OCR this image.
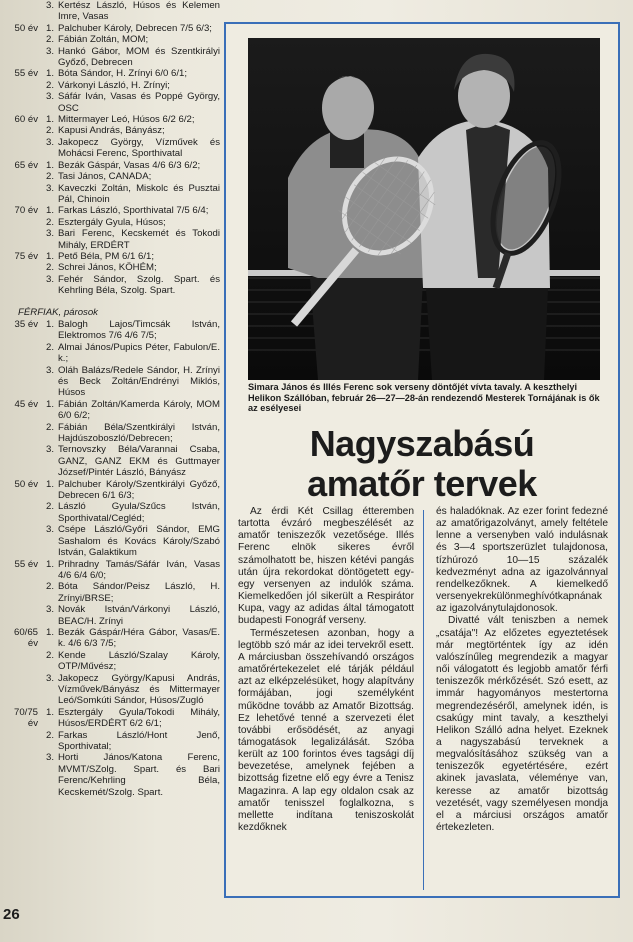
3. Kertész László, Húsos és Kelemen Imre, Vasas
50 év 1. Palchuber Károly, Debrecen 7/5 6/3;
2. Fábián Zoltán, MOM;
3. Hankó Gábor, MOM és Szentkirályi Győző, Debrecen
55 év 1. Bóta Sándor, H. Zrínyi 6/0 6/1;
2. Várkonyi László, H. Zrínyi;
3. Sáfár Iván, Vasas és Poppé György, OSC
60 év 1. Mittermayer Leó, Húsos 6/2 6/2;
2. Kapusi András, Bányász;
3. Jakopecz György, Vízművek és Mohácsi Ferenc, Sporthivatal
65 év 1. Bezák Gáspár, Vasas 4/6 6/3 6/2;
2. Tasi János, CANADA;
3. Kaveczki Zoltán, Miskolc és Pusztai Pál, Chinoin
70 év 1. Farkas László, Sporthivatal 7/5 6/4;
2. Esztergály Gyula, Húsos;
3. Bari Ferenc, Kecskemét és Tokodi Mihály, ERDÉRT
75 év 1. Pető Béla, PM 6/1 6/1;
2. Schrei János, KÖHÉM;
3. Fehér Sándor, Szolg. Spart. és Kehrling Béla, Szolg. Spart.
FÉRFIAK, párosok
35 év 1. Balogh Lajos/Timcsák István, Elektromos 7/6 4/6 7/5;
2. Almai János/Pupics Péter, Fabulon/E. k.;
3. Oláh Balázs/Redele Sándor, H. Zrínyi és Beck Zoltán/Endrényi Miklós, Húsos
45 év 1. Fábián Zoltán/Kamerda Károly, MOM 6/0 6/2;
2. Fábián Béla/Szentkirályi István, Hajdúszoboszló/Debrecen;
3. Ternovszky Béla/Varannai Csaba, GANZ, GANZ EKM és Guttmayer József/Pintér László, Bányász
50 év 1. Palchuber Károly/Szentkirályi Győző, Debrecen 6/1 6/3;
2. László Gyula/Szűcs István, Sporthivatal/Cegléd;
3. Csépe László/Győri Sándor, EMG Sashalom és Kovács Károly/Szabó István, Galaktikum
55 év 1. Prihradny Tamás/Sáfár Iván, Vasas 4/6 6/4 6/0;
2. Bóta Sándor/Peisz László, H. Zrínyi/BRSE;
3. Novák István/Várkonyi László, BEAC/H. Zrínyi
60/65 év
1. Bezák Gáspár/Héra Gábor, Vasas/E. k. 4/6 6/3 7/5;
2. Kende László/Szalay Károly, OTP/Művész;
3. Jakopecz György/Kapusi András, Vízművek/Bányász és Mittermayer Leó/Somkúti Sándor, Húsos/Zugló
70/75 év
1. Esztergály Gyula/Tokodi Mihály, Húsos/ERDÉRT 6/2 6/1;
2. Farkas László/Hont Jenő, Sporthivatal;
3. Horti János/Katona Ferenc, MVMT/SZolg. Spart. és Bari Ferenc/Kehrling Béla, Kecskemét/Szolg. Spart.
Simara János és Illés Ferenc sok verseny döntőjét vívta tavaly. A keszthelyi Helikon Szállóban, február 26—27—28-án rendezendő Mesterek Tornájának is ők az esélyesei
Nagyszabású
amatőr tervek

Az érdi Két Csillag étteremben tartotta évzáró megbeszélését az amatőr teniszezők vezetősége. Illés Ferenc elnök sikeres évről számolhatott be, hiszen kétévi pangás után újra rekordokat döntögetett egy-egy versenyen az indulók száma. Kiemelkedően jól sikerült a Respirátor Kupa, vagy az adidas által támogatott budapesti Fonográf verseny.

Természetesen azonban, hogy a legtöbb szó már az idei tervekről esett. A márciusban összehívandó országos amatőrértekezelet elé tárják például azt az elképzelésüket, hogy alapítvány formájában, jogi személyként működne tovább az Amatőr Bizottság. Ez lehetővé tenné a szervezeti élet további erősödését, az anyagi támogatások legalizálását. Szóba került az 100 forintos éves tagsági díj bevezetése, amelynek fejében a bizottság fizetne elő egy évre a Tenisz Magazinra. A lap egy oldalon csak az amatőr tenisszel foglalkozna, s mellette indítana teniszoskolát kezdőknek

és haladóknak. Az ezer forint fedezné az amatőrigazolványt, amely feltétele lenne a versenyben való indulásnak és 3—4 sportszerüzlet tulajdonosa, tízhúrozó 10—15 százalék kedvezményt adna az igazolvánnyal rendelkezőknek. A kiemelkedő versenyekrekülönmeghívótkapnának az igazolványtulajdonosok.

Divatté vált teniszben a nemek „csatája"! Az előzetes egyeztetések már megtörténtek így az idén valószínűleg megrendezik a magyar női válogatott és legjobb amatőr férfi teniszezők mérkőzését. Szó esett, az immár hagyományos mestertorna megrendezéséről, amelynek idén, is csakúgy mint tavaly, a keszthelyi Helikon Szálló adna helyet. Ezeknek a nagyszabású terveknek a megvalósításához szükség van a teniszezők egyetértésére, ezért akinek javaslata, véleménye van, keresse az amatőr bizottság vezetését, vagy személyesen mondja el a márciusi országos amatőr értekezleten.

26
